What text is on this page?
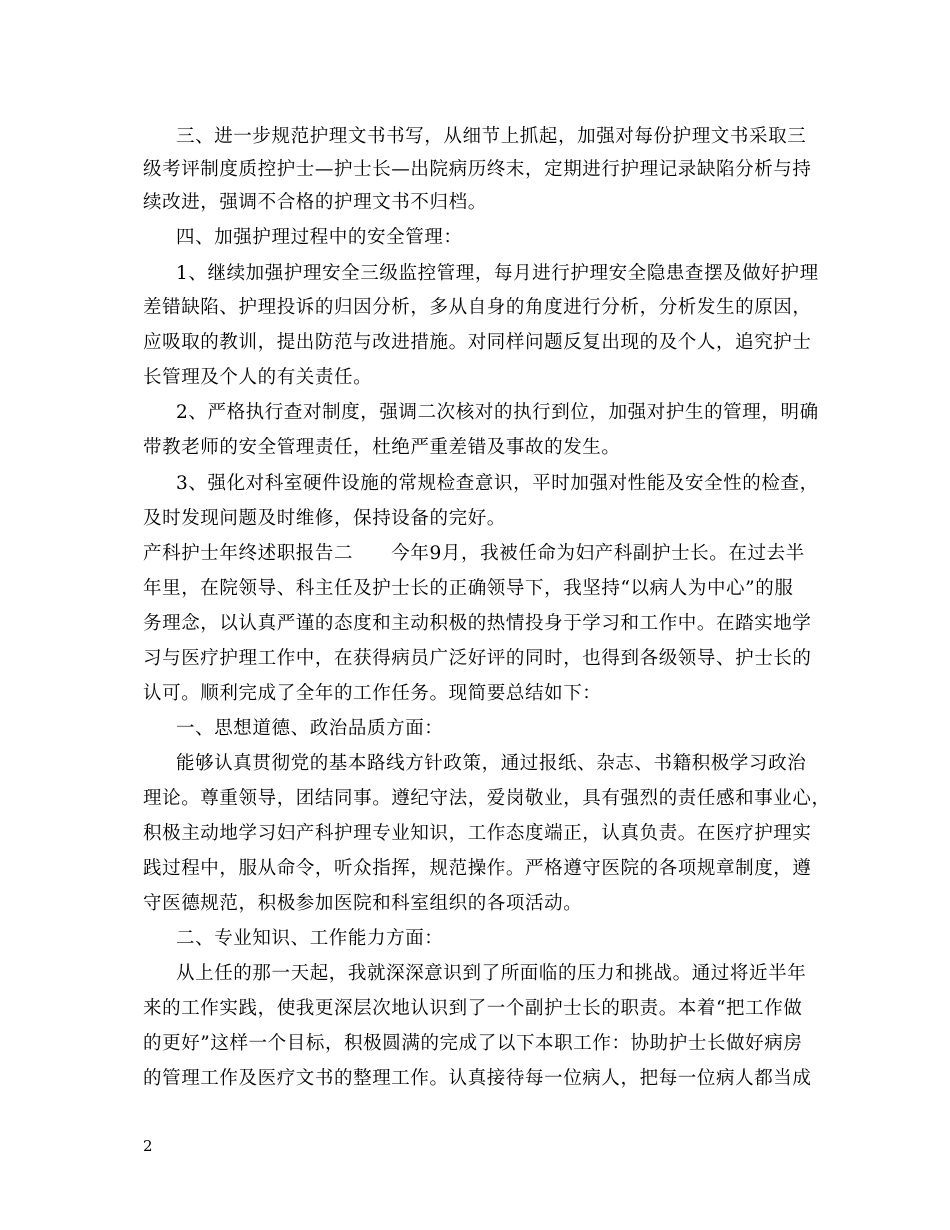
三、进一步规范护理文书书写，从细节上抓起，加强对每份护理文书采取三
级考评制度质控护士—护士长—出院病历终末，定期进行护理记录缺陷分析与持
续改进，强调不合格的护理文书不归档。
四、加强护理过程中的安全管理：
1、继续加强护理安全三级监控管理，每月进行护理安全隐患查摆及做好护理
差错缺陷、护理投诉的归因分析，多从自身的角度进行分析，分析发生的原因，
应吸取的教训，提出防范与改进措施。对同样问题反复出现的及个人，追究护士
长管理及个人的有关责任。
2、严格执行查对制度，强调二次核对的执行到位，加强对护生的管理，明确
带教老师的安全管理责任，杜绝严重差错及事故的发生。
3、强化对科室硬件设施的常规检查意识，平时加强对性能及安全性的检查，
及时发现问题及时维修，保持设备的完好。
产科护士年终述职报告二　　今年9月，我被任命为妇产科副护士长。在过去半
年里，在院领导、科主任及护士长的正确领导下，我坚持“以病人为中心”的服
务理念，以认真严谨的态度和主动积极的热情投身于学习和工作中。在踏实地学
习与医疗护理工作中，在获得病员广泛好评的同时，也得到各级领导、护士长的
认可。顺利完成了全年的工作任务。现简要总结如下：
一、思想道德、政治品质方面：
能够认真贯彻党的基本路线方针政策，通过报纸、杂志、书籍积极学习政治
理论。尊重领导，团结同事。遵纪守法，爱岗敬业，具有强烈的责任感和事业心，
积极主动地学习妇产科护理专业知识，工作态度端正，认真负责。在医疗护理实
践过程中，服从命令，听众指挥，规范操作。严格遵守医院的各项规章制度，遵
守医德规范，积极参加医院和科室组织的各项活动。
二、专业知识、工作能力方面：
从上任的那一天起，我就深深意识到了所面临的压力和挑战。通过将近半年
来的工作实践，使我更深层次地认识到了一个副护士长的职责。本着“把工作做
的更好”这样一个目标，积极圆满的完成了以下本职工作：协助护士长做好病房
的管理工作及医疗文书的整理工作。认真接待每一位病人，把每一位病人都当成
2
